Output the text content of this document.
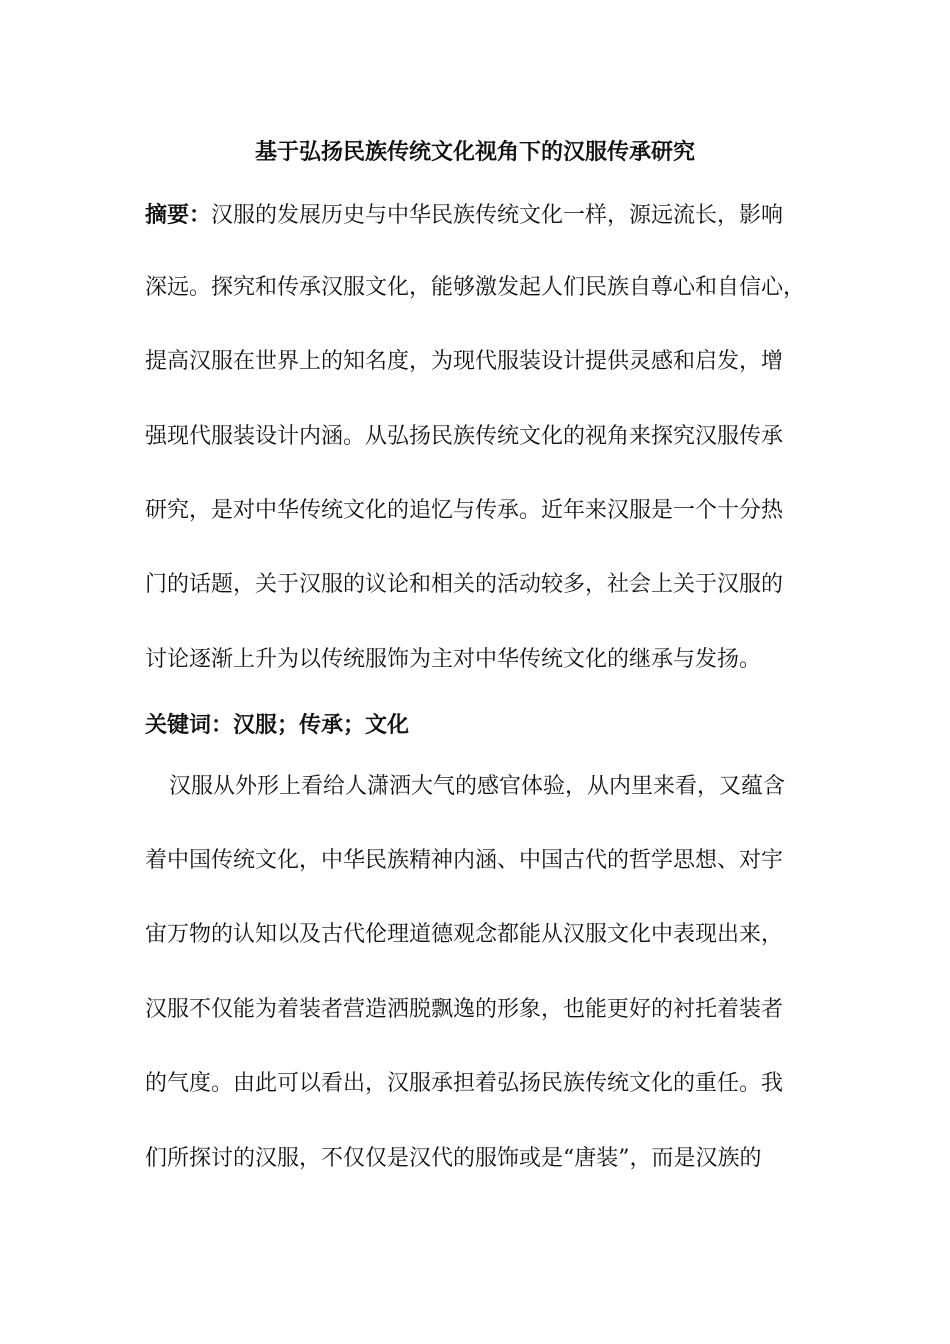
基于弘扬民族传统文化视角下的汉服传承研究
摘要：汉服的发展历史与中华民族传统文化一样，源远流长，影响
深远。探究和传承汉服文化，能够激发起人们民族自尊心和自信心，
提高汉服在世界上的知名度，为现代服装设计提供灵感和启发，增
强现代服装设计内涵。从弘扬民族传统文化的视角来探究汉服传承
研究，是对中华传统文化的追忆与传承。近年来汉服是一个十分热
门的话题，关于汉服的议论和相关的活动较多，社会上关于汉服的
讨论逐渐上升为以传统服饰为主对中华传统文化的继承与发扬。
关键词：汉服；传承；文化
汉服从外形上看给人潇洒大气的感官体验，从内里来看，又蕴含
着中国传统文化，中华民族精神内涵、中国古代的哲学思想、对宇
宙万物的认知以及古代伦理道德观念都能从汉服文化中表现出来，
汉服不仅能为着装者营造洒脱飘逸的形象，也能更好的衬托着装者
的气度。由此可以看出，汉服承担着弘扬民族传统文化的重任。我
们所探讨的汉服，不仅仅是汉代的服饰或是“唐装”，而是汉族的
